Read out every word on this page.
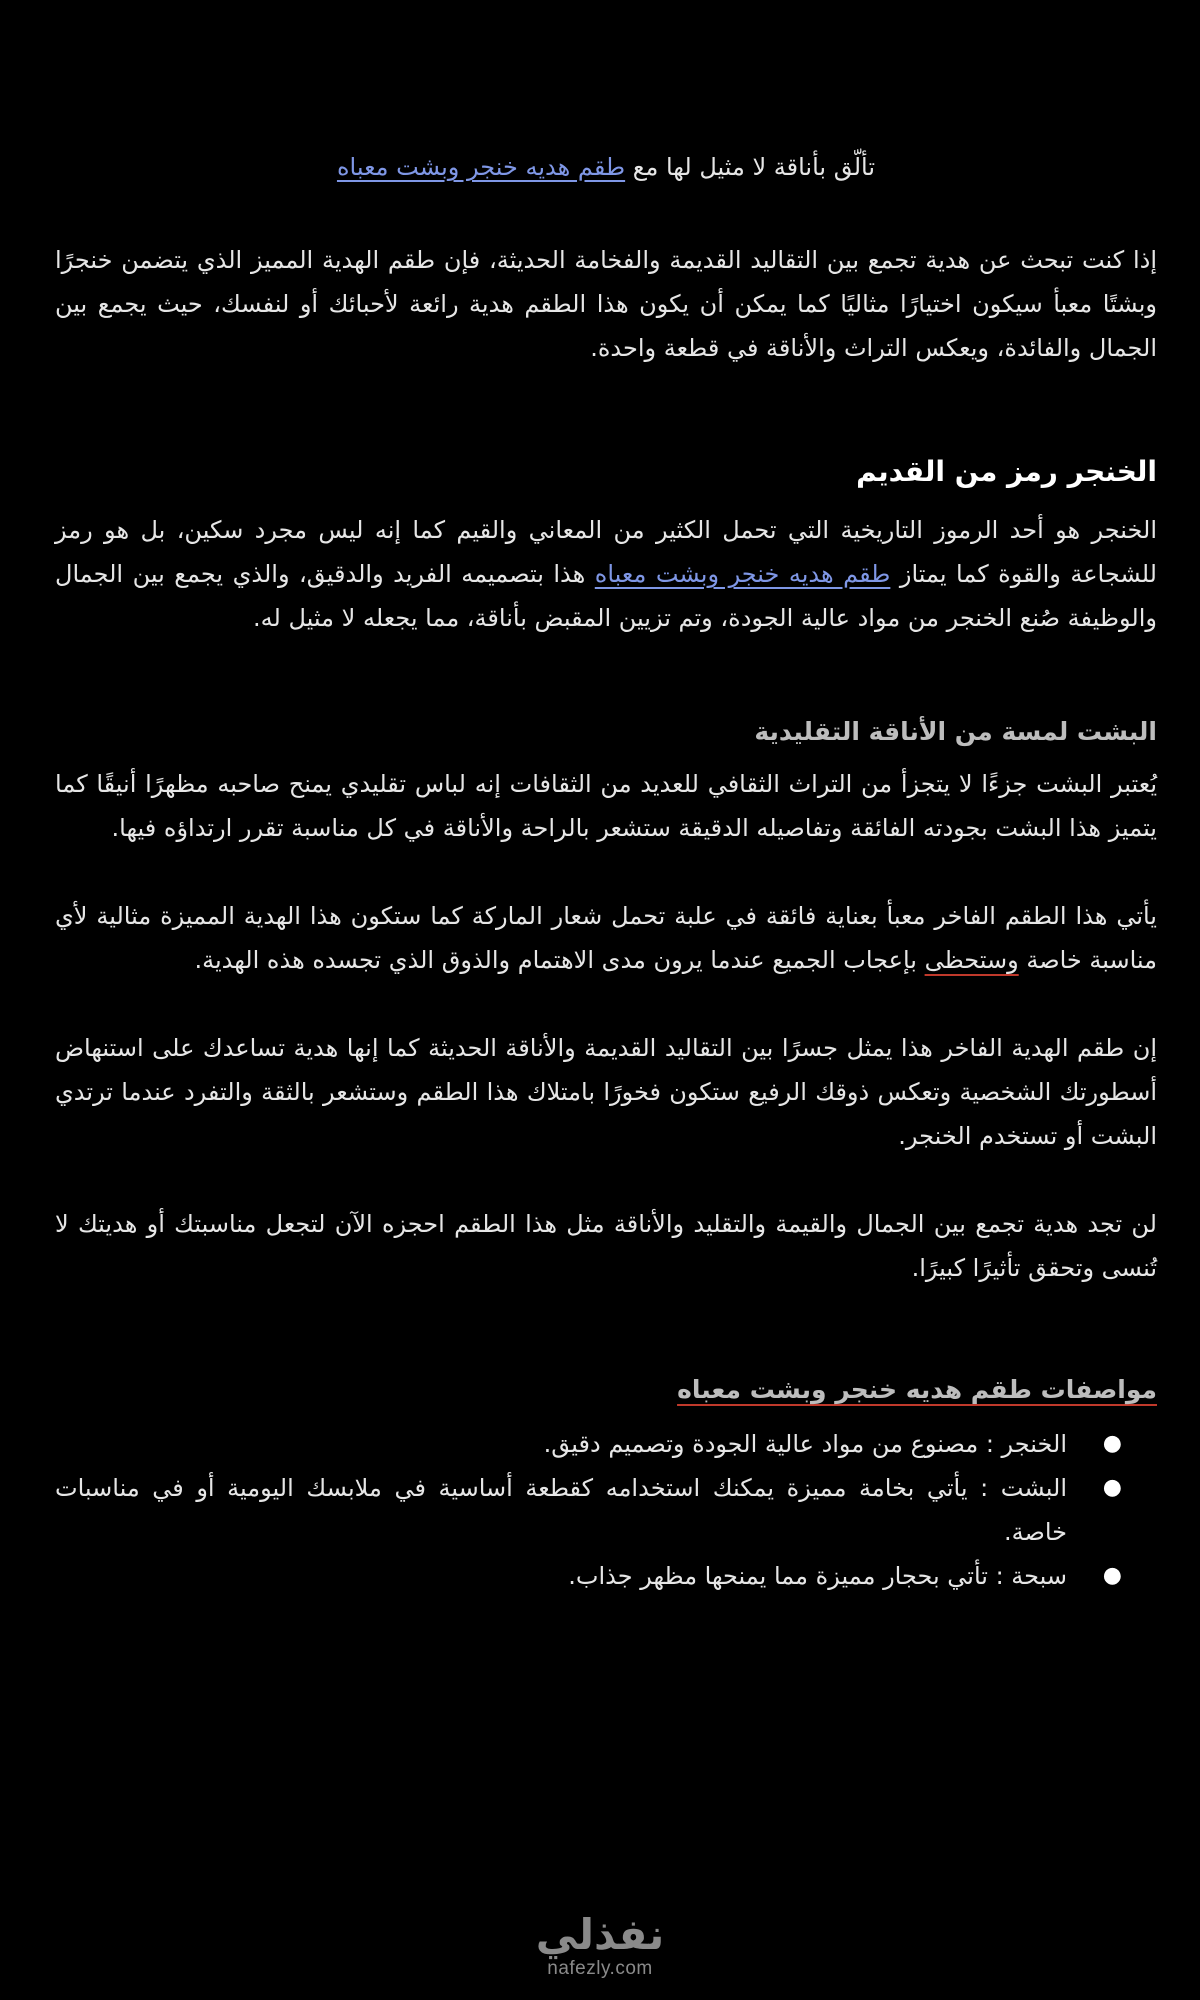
تألّق بأناقة لا مثيل لها مع طقم هديه خنجر وبشت معباه

إذا كنت تبحث عن هدية تجمع بين التقاليد القديمة والفخامة الحديثة، فإن طقم الهدية المميز الذي يتضمن خنجرًا وبشتًا معبأ سيكون اختيارًا مثاليًا كما يمكن أن يكون هذا الطقم هدية رائعة لأحبائك أو لنفسك، حيث يجمع بين الجمال والفائدة، ويعكس التراث والأناقة في قطعة واحدة.

الخنجر رمز من القديم

الخنجر هو أحد الرموز التاريخية التي تحمل الكثير من المعاني والقيم كما إنه ليس مجرد سكين، بل هو رمز للشجاعة والقوة كما يمتاز طقم هديه خنجر وبشت معباه هذا بتصميمه الفريد والدقيق، والذي يجمع بين الجمال والوظيفة صُنع الخنجر من مواد عالية الجودة، وتم تزيين المقبض بأناقة، مما يجعله لا مثيل له.

البشت لمسة من الأناقة التقليدية

يُعتبر البشت جزءًا لا يتجزأ من التراث الثقافي للعديد من الثقافات إنه لباس تقليدي يمنح صاحبه مظهرًا أنيقًا كما يتميز هذا البشت بجودته الفائقة وتفاصيله الدقيقة ستشعر بالراحة والأناقة في كل مناسبة تقرر ارتداؤه فيها.

يأتي هذا الطقم الفاخر معبأ بعناية فائقة في علبة تحمل شعار الماركة كما ستكون هذا الهدية المميزة مثالية لأي مناسبة خاصة وستحظى بإعجاب الجميع عندما يرون مدى الاهتمام والذوق الذي تجسده هذه الهدية.

إن طقم الهدية الفاخر هذا يمثل جسرًا بين التقاليد القديمة والأناقة الحديثة كما إنها هدية تساعدك على استنهاض أسطورتك الشخصية وتعكس ذوقك الرفيع ستكون فخورًا بامتلاك هذا الطقم وستشعر بالثقة والتفرد عندما ترتدي البشت أو تستخدم الخنجر.

لن تجد هدية تجمع بين الجمال والقيمة والتقليد والأناقة مثل هذا الطقم احجزه الآن لتجعل مناسبتك أو هديتك لا تُنسى وتحقق تأثيرًا كبيرًا.

مواصفات طقم هديه خنجر وبشت معباه
●
الخنجر : مصنوع من مواد عالية الجودة وتصميم دقيق.
●
البشت : يأتي بخامة مميزة يمكنك استخدامه كقطعة أساسية في ملابسك اليومية أو في مناسبات خاصة.
●
سبحة : تأتي بحجار مميزة مما يمنحها مظهر جذاب.
نفذلي
nafezly.com
